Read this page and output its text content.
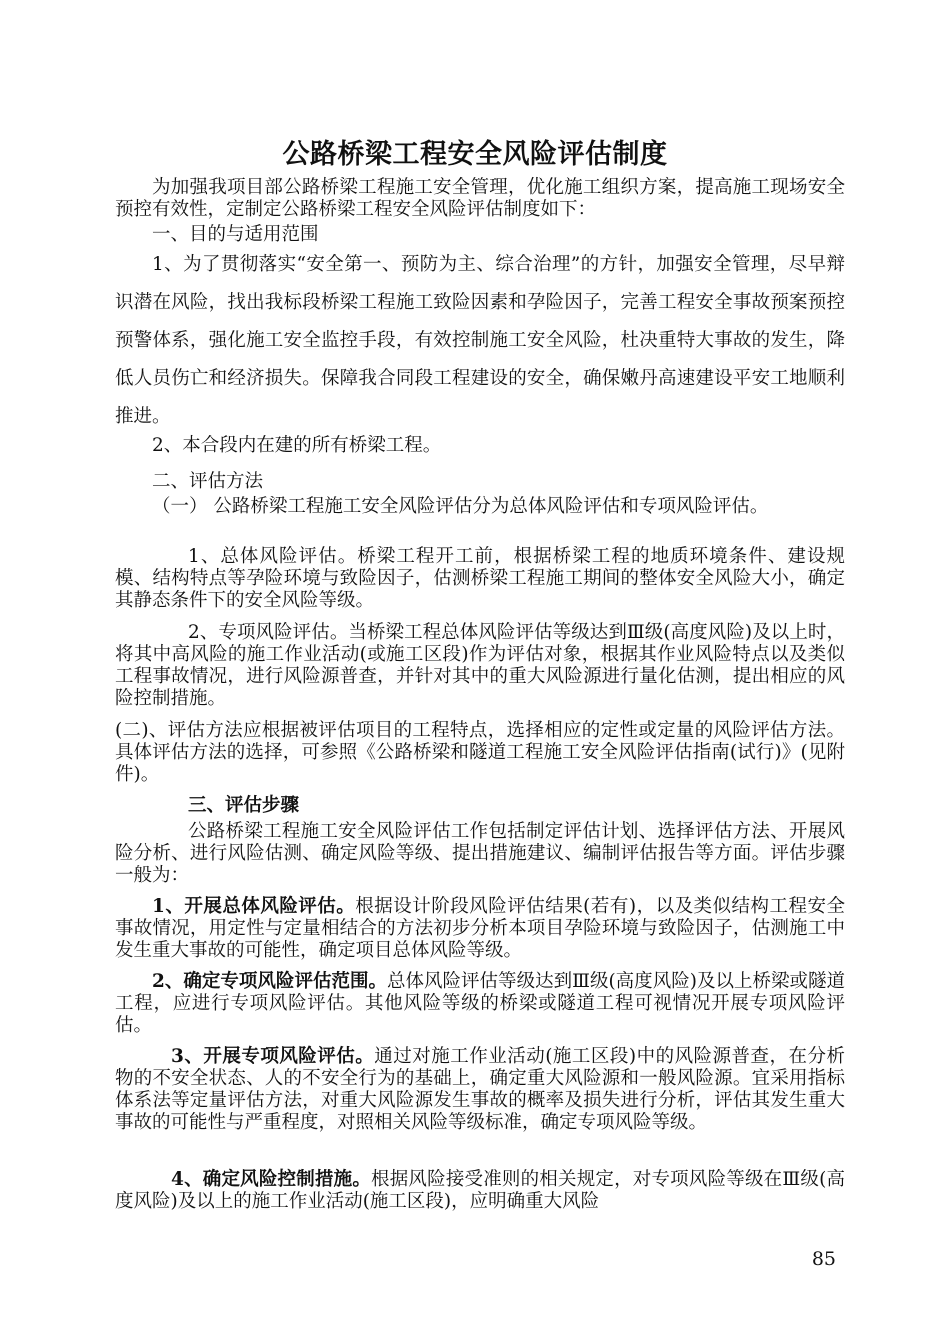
公路桥梁工程安全风险评估制度
为加强我项目部公路桥梁工程施工安全管理，优化施工组织方案，提高施工现场安全预控有效性，定制定公路桥梁工程安全风险评估制度如下：
一、目的与适用范围
1、为了贯彻落实“安全第一、预防为主、综合治理”的方针，加强安全管理，尽早辩识潜在风险，找出我标段桥梁工程施工致险因素和孕险因子，完善工程安全事故预案预控预警体系，强化施工安全监控手段，有效控制施工安全风险，杜决重特大事故的发生，降低人员伤亡和经济损失。保障我合同段工程建设的安全，确保嫩丹高速建设平安工地顺利推进。
2、本合段内在建的所有桥梁工程。
二、评估方法
（一） 公路桥梁工程施工安全风险评估分为总体风险评估和专项风险评估。
1、总体风险评估。桥梁工程开工前，根据桥梁工程的地质环境条件、建设规模、结构特点等孕险环境与致险因子，估测桥梁工程施工期间的整体安全风险大小，确定其静态条件下的安全风险等级。
2、专项风险评估。当桥梁工程总体风险评估等级达到Ⅲ级(高度风险)及以上时，将其中高风险的施工作业活动(或施工区段)作为评估对象，根据其作业风险特点以及类似工程事故情况，进行风险源普查，并针对其中的重大风险源进行量化估测，提出相应的风险控制措施。
(二)、评估方法应根据被评估项目的工程特点，选择相应的定性或定量的风险评估方法。具体评估方法的选择，可参照《公路桥梁和隧道工程施工安全风险评估指南(试行)》(见附件)。
三、评估步骤
公路桥梁工程施工安全风险评估工作包括制定评估计划、选择评估方法、开展风险分析、进行风险估测、确定风险等级、提出措施建议、编制评估报告等方面。评估步骤一般为：
1、开展总体风险评估。根据设计阶段风险评估结果(若有)，以及类似结构工程安全事故情况，用定性与定量相结合的方法初步分析本项目孕险环境与致险因子，估测施工中发生重大事故的可能性，确定项目总体风险等级。
2、确定专项风险评估范围。总体风险评估等级达到Ⅲ级(高度风险)及以上桥梁或隧道工程，应进行专项风险评估。其他风险等级的桥梁或隧道工程可视情况开展专项风险评估。
3、开展专项风险评估。通过对施工作业活动(施工区段)中的风险源普查，在分析物的不安全状态、人的不安全行为的基础上，确定重大风险源和一般风险源。宜采用指标体系法等定量评估方法，对重大风险源发生事故的概率及损失进行分析，评估其发生重大事故的可能性与严重程度，对照相关风险等级标准，确定专项风险等级。
4、确定风险控制措施。根据风险接受准则的相关规定，对专项风险等级在Ⅲ级(高度风险)及以上的施工作业活动(施工区段)，应明确重大风险
85
